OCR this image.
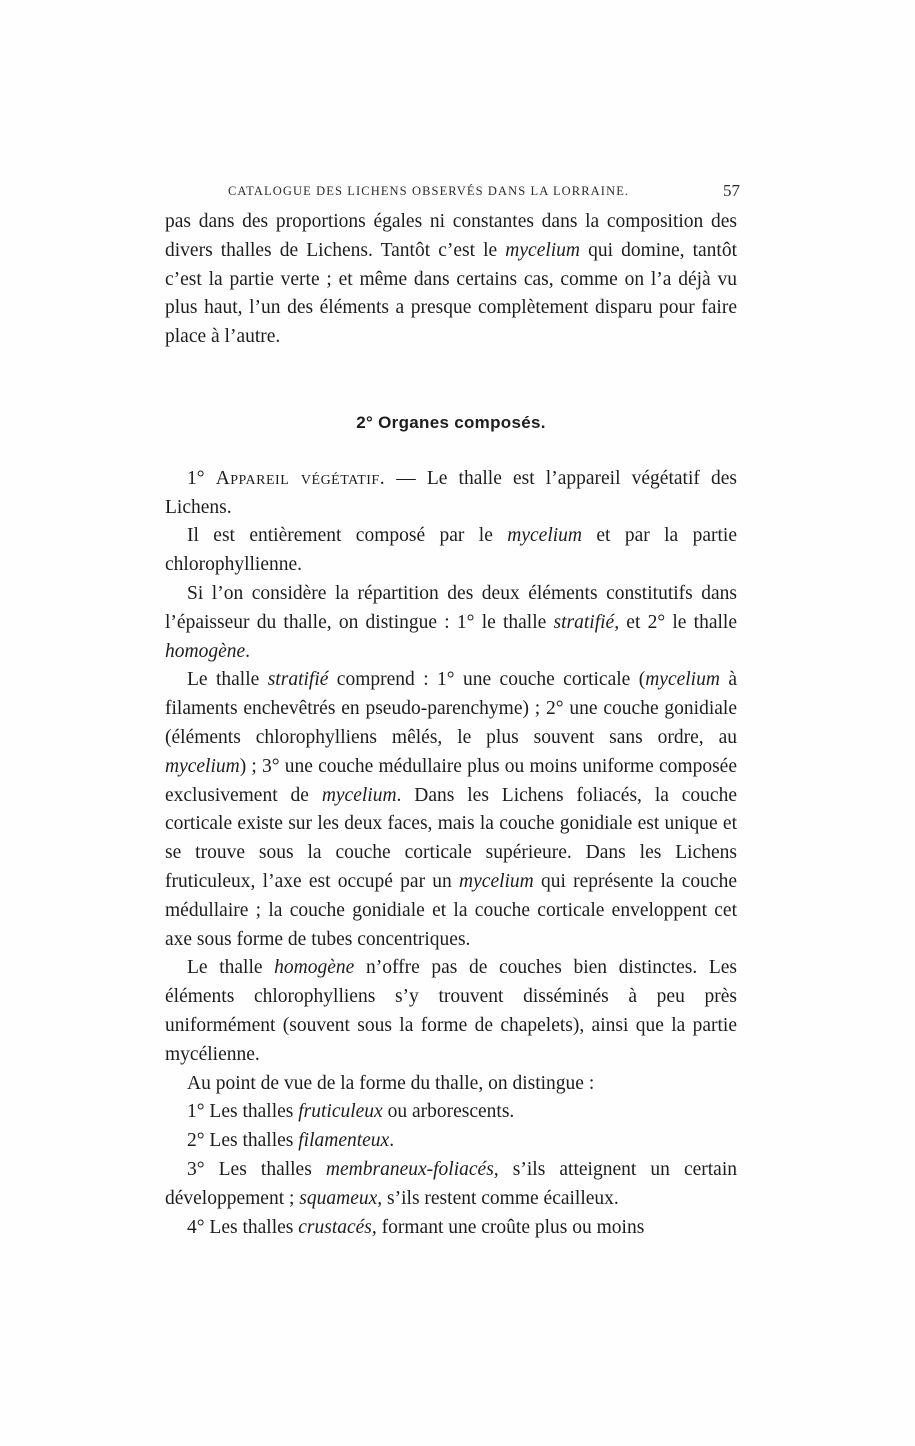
CATALOGUE DES LICHENS OBSERVÉS DANS LA LORRAINE.	57

pas dans des proportions égales ni constantes dans la composition des divers thalles de Lichens. Tantôt c’est le mycelium qui domine, tantôt c’est la partie verte ; et même dans certains cas, comme on l’a déjà vu plus haut, l’un des éléments a presque complètement disparu pour faire place à l’autre.

2° Organes composés.

1° Appareil végétatif. — Le thalle est l’appareil végétatif des Lichens.

Il est entièrement composé par le mycelium et par la partie chlorophyllienne.

Si l’on considère la répartition des deux éléments constitutifs dans l’épaisseur du thalle, on distingue : 1° le thalle stratifié, et 2° le thalle homogène.

Le thalle stratifié comprend : 1° une couche corticale (mycelium à filaments enchevêtrés en pseudo-parenchyme) ; 2° une couche gonidiale (éléments chlorophylliens mêlés, le plus souvent sans ordre, au mycelium) ; 3° une couche médullaire plus ou moins uniforme composée exclusivement de mycelium. Dans les Lichens foliacés, la couche corticale existe sur les deux faces, mais la couche gonidiale est unique et se trouve sous la couche corticale supérieure. Dans les Lichens fruticuleux, l’axe est occupé par un mycelium qui représente la couche médullaire ; la couche gonidiale et la couche corticale enveloppent cet axe sous forme de tubes concentriques.

Le thalle homogène n’offre pas de couches bien distinctes. Les éléments chlorophylliens s’y trouvent disséminés à peu près uniformément (souvent sous la forme de chapelets), ainsi que la partie mycélienne.

Au point de vue de la forme du thalle, on distingue :

1° Les thalles fruticuleux ou arborescents.

2° Les thalles filamenteux.

3° Les thalles membraneux-foliacés, s’ils atteignent un certain développement ; squameux, s’ils restent comme écailleux.

4° Les thalles crustacés, formant une croûte plus ou moins
